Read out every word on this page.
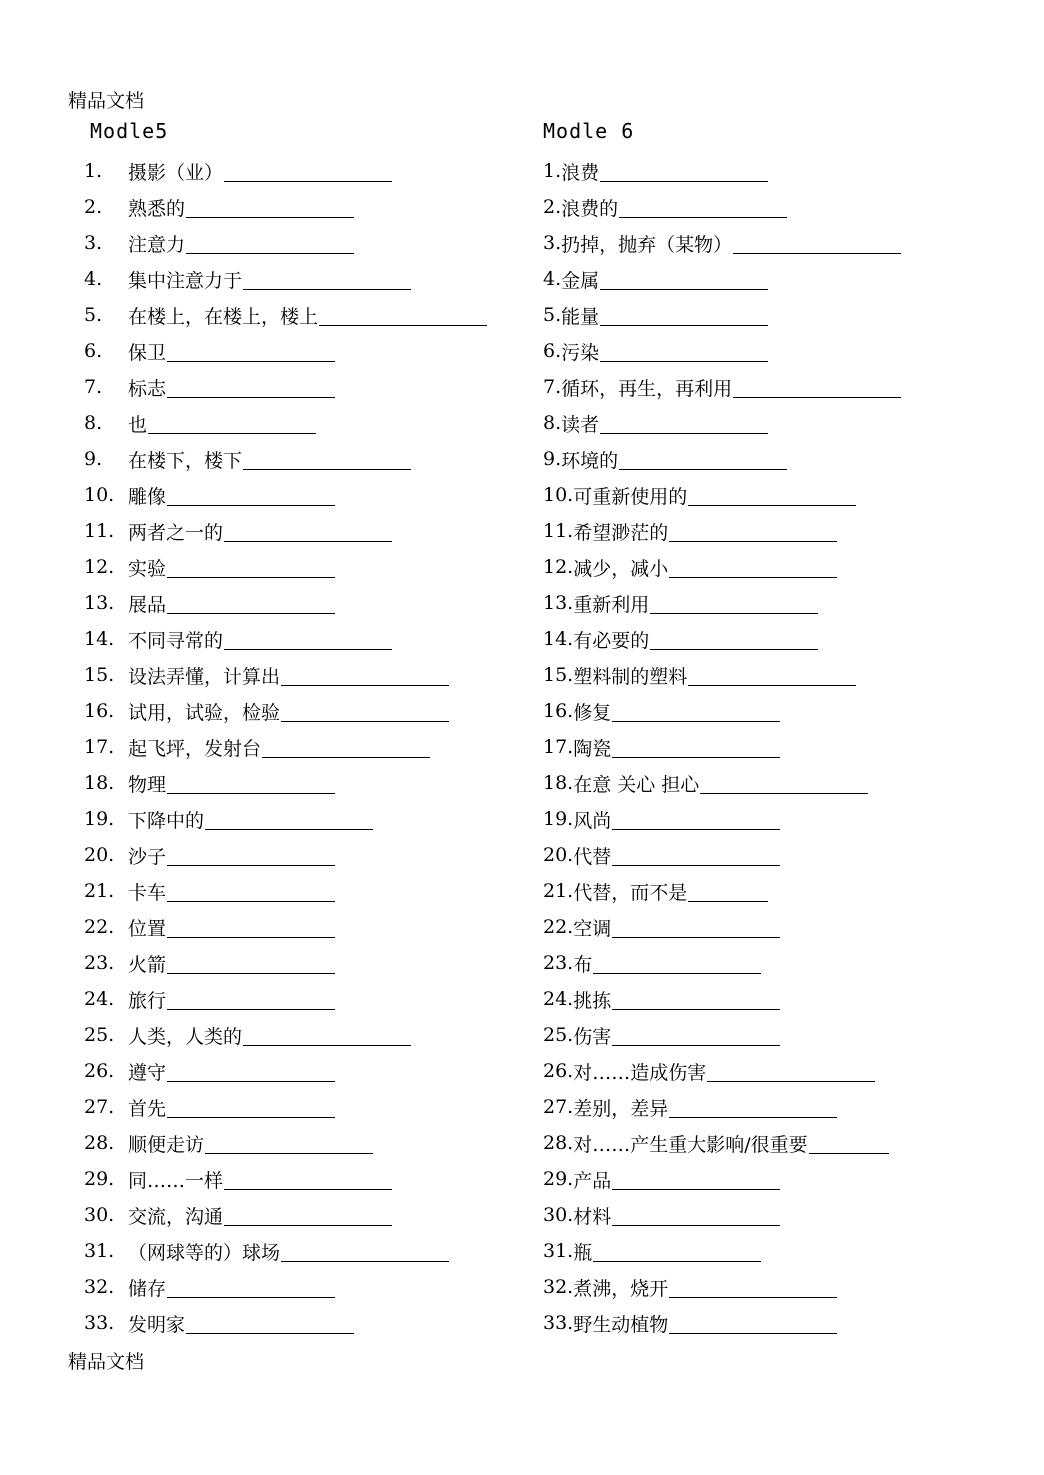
精品文档
Modle5	Modle 6
1.	摄影（业）
2.	熟悉的
3.	注意力
4.	集中注意力于
5.	在楼上，在楼上，楼上
6.	保卫
7.	标志
8.	也
9.	在楼下，楼下
10. 雕像
11. 两者之一的
12. 实验
13. 展品
14. 不同寻常的
15. 设法弄懂，计算出
16. 试用，试验，检验
17. 起飞坪，发射台
18. 物理
19. 下降中的
20. 沙子
21. 卡车
22. 位置
23. 火箭
24. 旅行
25. 人类，人类的
26. 遵守
27. 首先
28. 顺便走访
29. 同……一样
30. 交流，沟通
31. （网球等的）球场
32. 储存
33. 发明家
1. 浪费
2. 浪费的
3. 扔掉，抛弃（某物）
4. 金属
5. 能量
6. 污染
7. 循环，再生，再利用
8. 读者
9. 环境的
10. 可重新使用的
11. 希望渺茫的
12. 减少，减小
13. 重新利用
14. 有必要的
15. 塑料制的塑料
16. 修复
17. 陶瓷
18. 在意 关心 担心
19. 风尚
20. 代替
21. 代替，而不是
22. 空调
23. 布
24. 挑拣
25. 伤害
26. 对……造成伤害
27. 差别，差异
28. 对……产生重大影响/很重要
29. 产品
30. 材料
31. 瓶
32. 煮沸，烧开
33. 野生动植物
精品文档
